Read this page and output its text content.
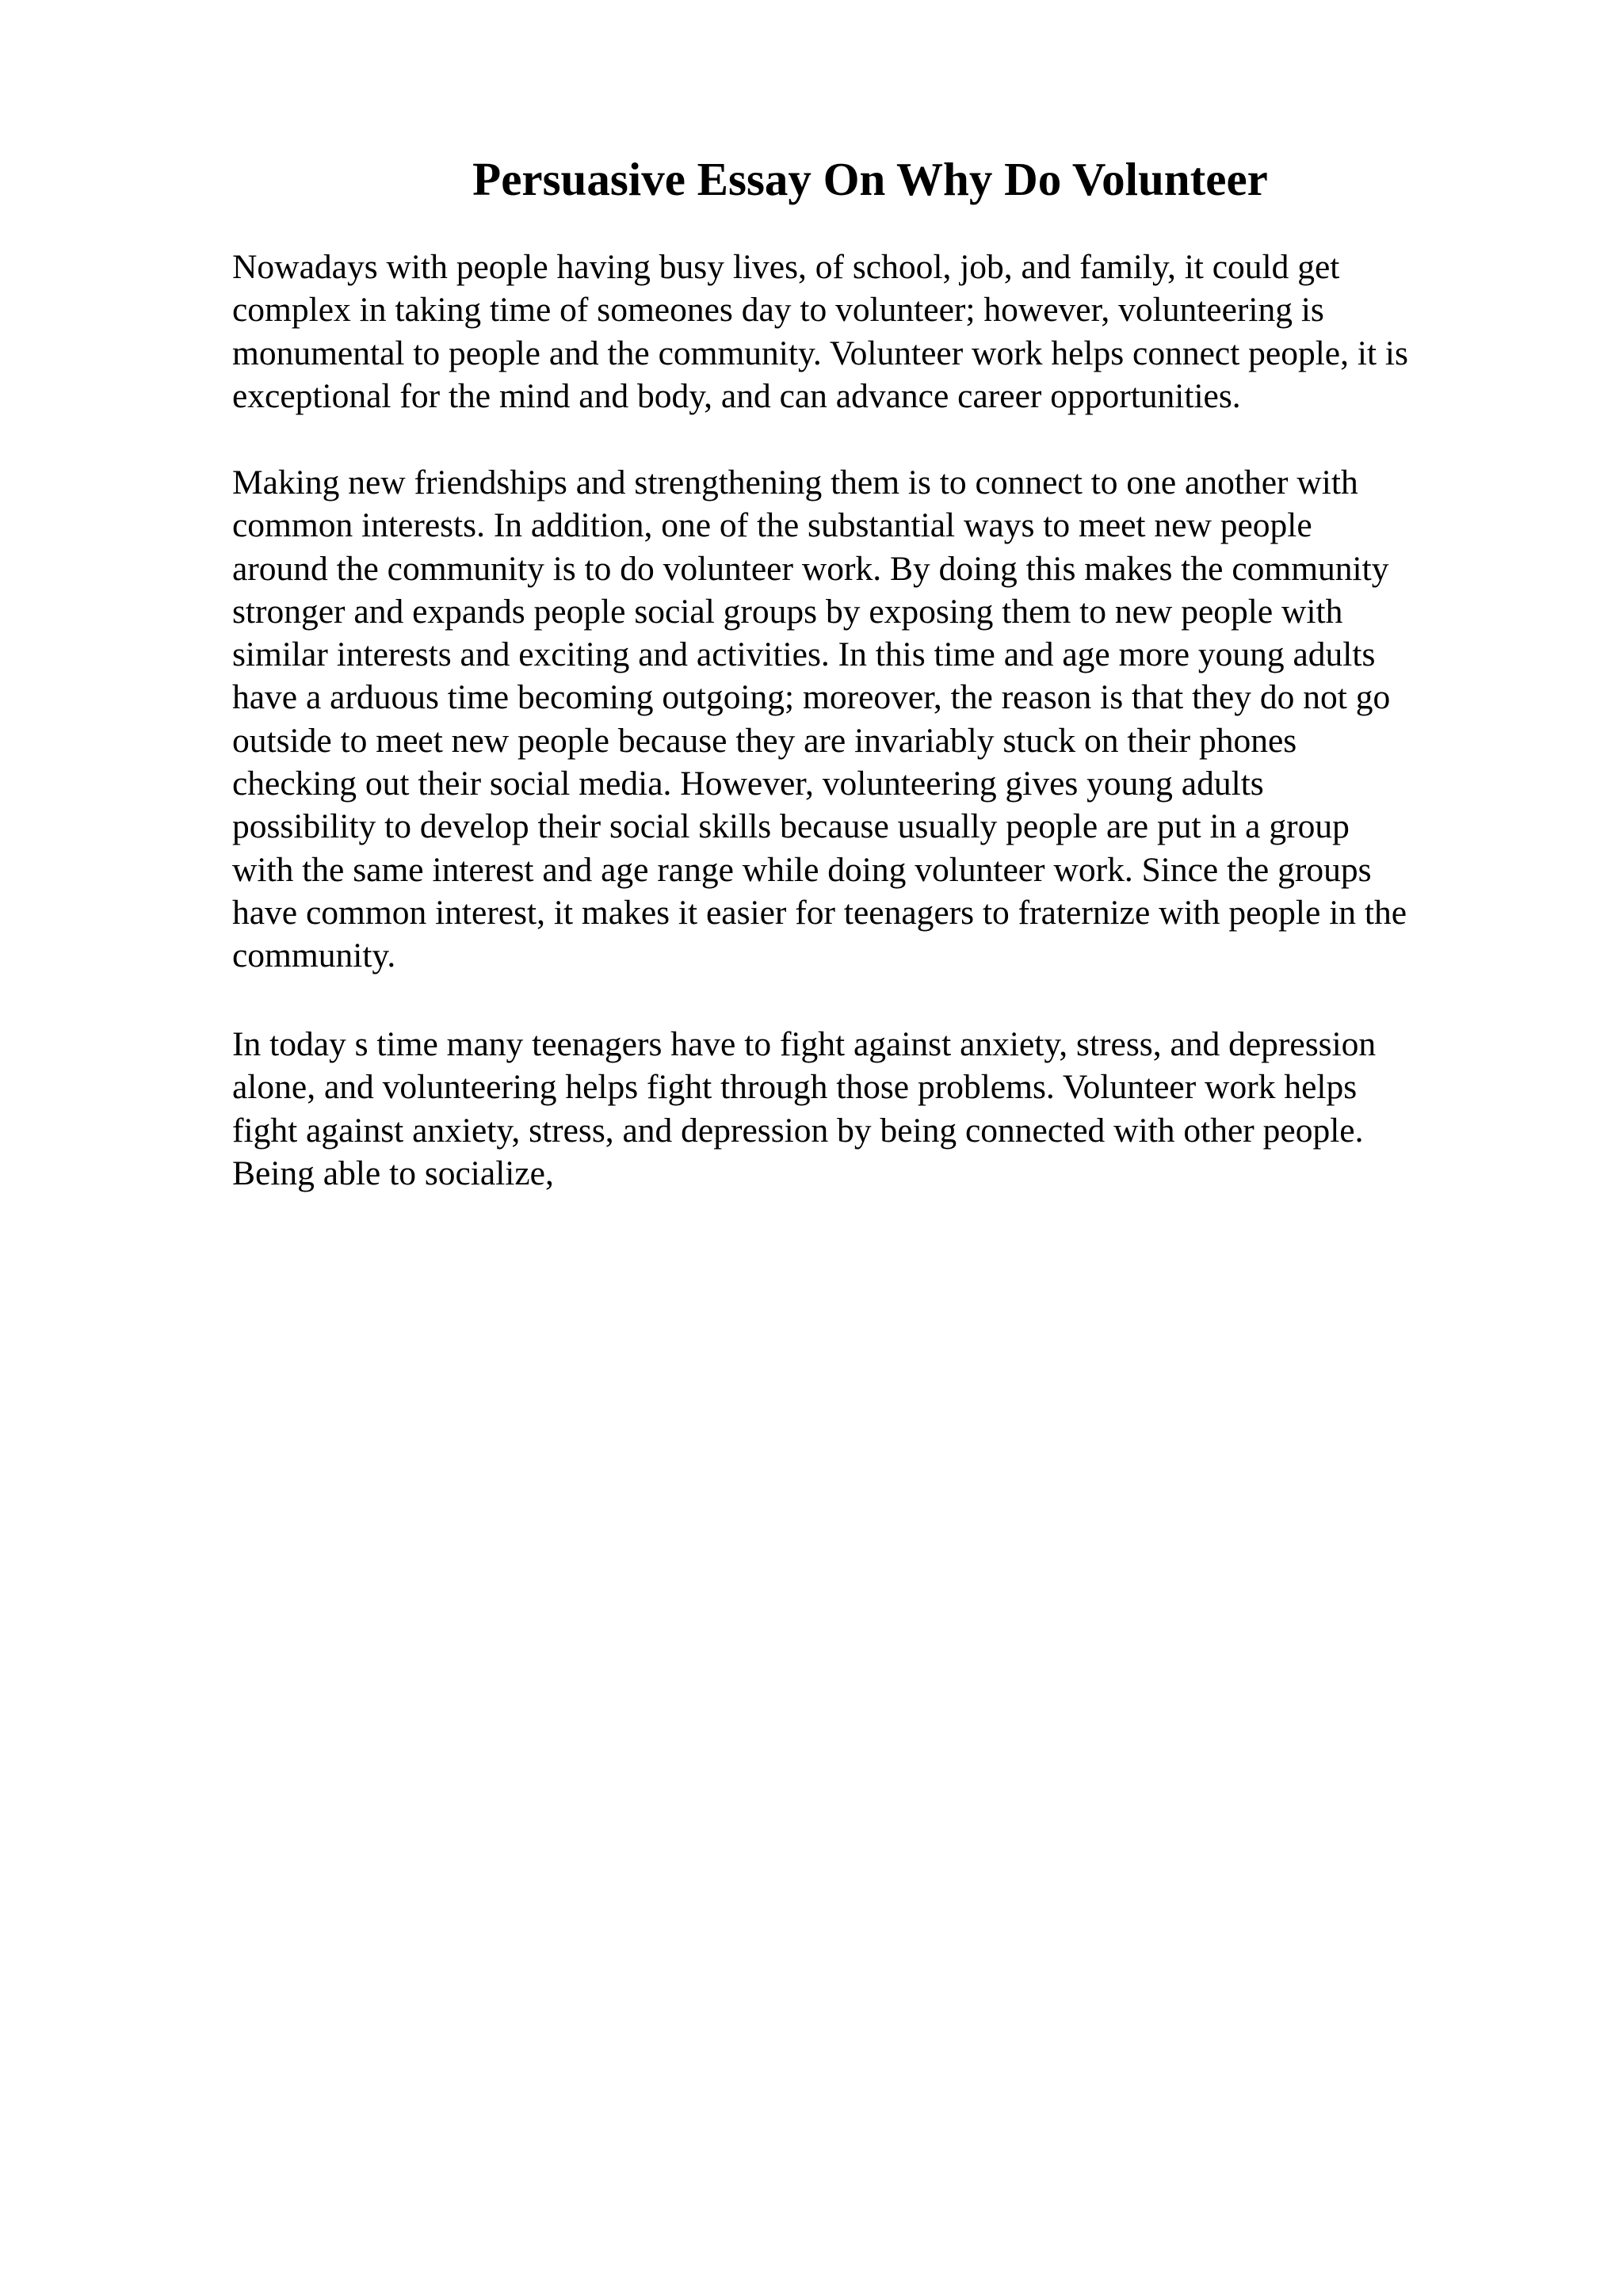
Persuasive Essay On Why Do Volunteer

Nowadays with people having busy lives, of school, job, and family, it could get
complex in taking time of someones day to volunteer; however, volunteering is
monumental to people and the community. Volunteer work helps connect people, it is
exceptional for the mind and body, and can advance career opportunities.

Making new friendships and strengthening them is to connect to one another with
common interests. In addition, one of the substantial ways to meet new people
around the community is to do volunteer work. By doing this makes the community
stronger and expands people social groups by exposing them to new people with
similar interests and exciting and activities. In this time and age more young adults
have a arduous time becoming outgoing; moreover, the reason is that they do not go
outside to meet new people because they are invariably stuck on their phones
checking out their social media. However, volunteering gives young adults
possibility to develop their social skills because usually people are put in a group
with the same interest and age range while doing volunteer work. Since the groups
have common interest, it makes it easier for teenagers to fraternize with people in the
community.

In today s time many teenagers have to fight against anxiety, stress, and depression
alone, and volunteering helps fight through those problems. Volunteer work helps
fight against anxiety, stress, and depression by being connected with other people.
Being able to socialize,
